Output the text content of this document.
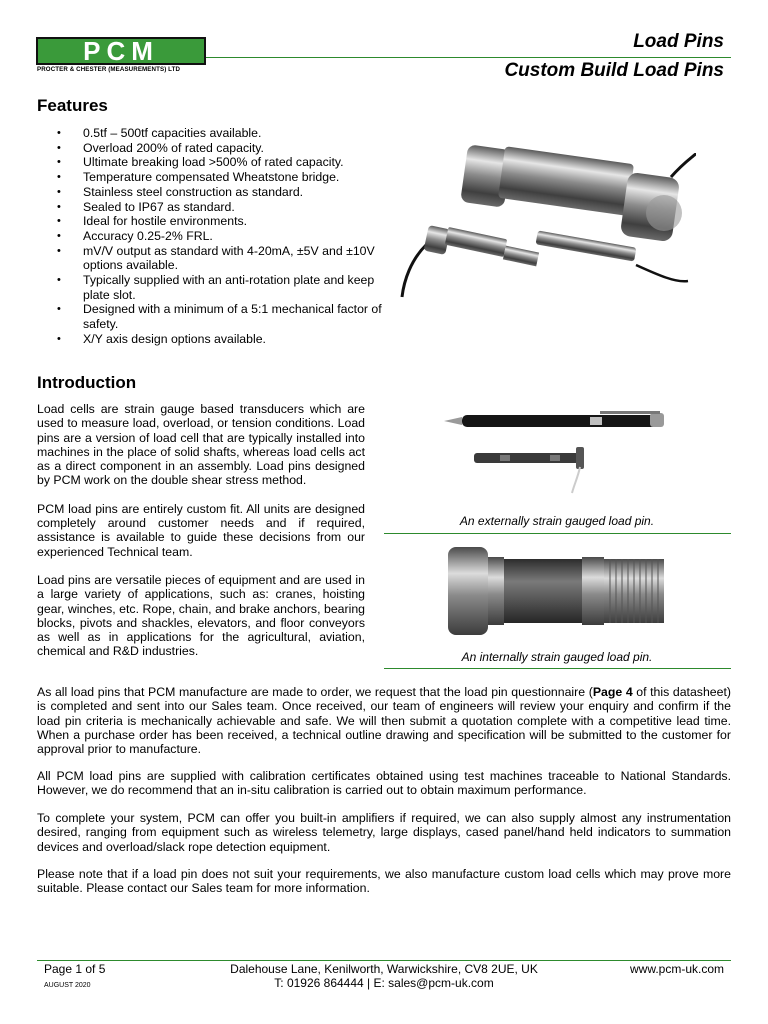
PCM
PROCTER & CHESTER (MEASUREMENTS) LTD
Load Pins
Custom Build Load Pins
Features
• 0.5tf – 500tf capacities available.
• Overload 200% of rated capacity.
• Ultimate breaking load >500% of rated capacity.
• Temperature compensated Wheatstone bridge.
• Stainless steel construction as standard.
• Sealed to IP67 as standard.
• Ideal for hostile environments.
• Accuracy 0.25-2% FRL.
• mV/V output as standard with 4-20mA, ±5V and ±10V options available.
• Typically supplied with an anti-rotation plate and keep plate slot.
• Designed with a minimum of a 5:1 mechanical factor of safety.
• X/Y axis design options available.
Introduction

Load cells are strain gauge based transducers which are used to measure load, overload, or tension conditions. Load pins are a version of load cell that are typically installed into machines in the place of solid shafts, whereas load cells act as a direct component in an assembly. Load pins designed by PCM work on the double shear stress method.

PCM load pins are entirely custom fit. All units are designed completely around customer needs and if required, assistance is available to guide these decisions from our experienced Technical team.

Load pins are versatile pieces of equipment and are used in a large variety of applications, such as: cranes, hoisting gear, winches, etc. Rope, chain, and brake anchors, bearing blocks, pivots and shackles, elevators, and floor conveyors as well as in applications for the agricultural, aviation, chemical and R&D industries.

An externally strain gauged load pin.
An internally strain gauged load pin.
As all load pins that PCM manufacture are made to order, we request that the load pin questionnaire (Page 4 of this datasheet) is completed and sent into our Sales team. Once received, our team of engineers will review your enquiry and confirm if the load pin criteria is mechanically achievable and safe. We will then submit a quotation complete with a competitive lead time. When a purchase order has been received, a technical outline drawing and specification will be submitted to the customer for approval prior to manufacture.
All PCM load pins are supplied with calibration certificates obtained using test machines traceable to National Standards. However, we do recommend that an in-situ calibration is carried out to obtain maximum performance.
To complete your system, PCM can offer you built-in amplifiers if required, we can also supply almost any instrumentation desired, ranging from equipment such as wireless telemetry, large displays, cased panel/hand held indicators to summation devices and overload/slack rope detection equipment.
Please note that if a load pin does not suit your requirements, we also manufacture custom load cells which may prove more suitable. Please contact our Sales team for more information.
Page 1 of 5
AUGUST 2020
Dalehouse Lane, Kenilworth, Warwickshire, CV8 2UE, UK
T: 01926 864444 | E: sales@pcm-uk.com
www.pcm-uk.com
